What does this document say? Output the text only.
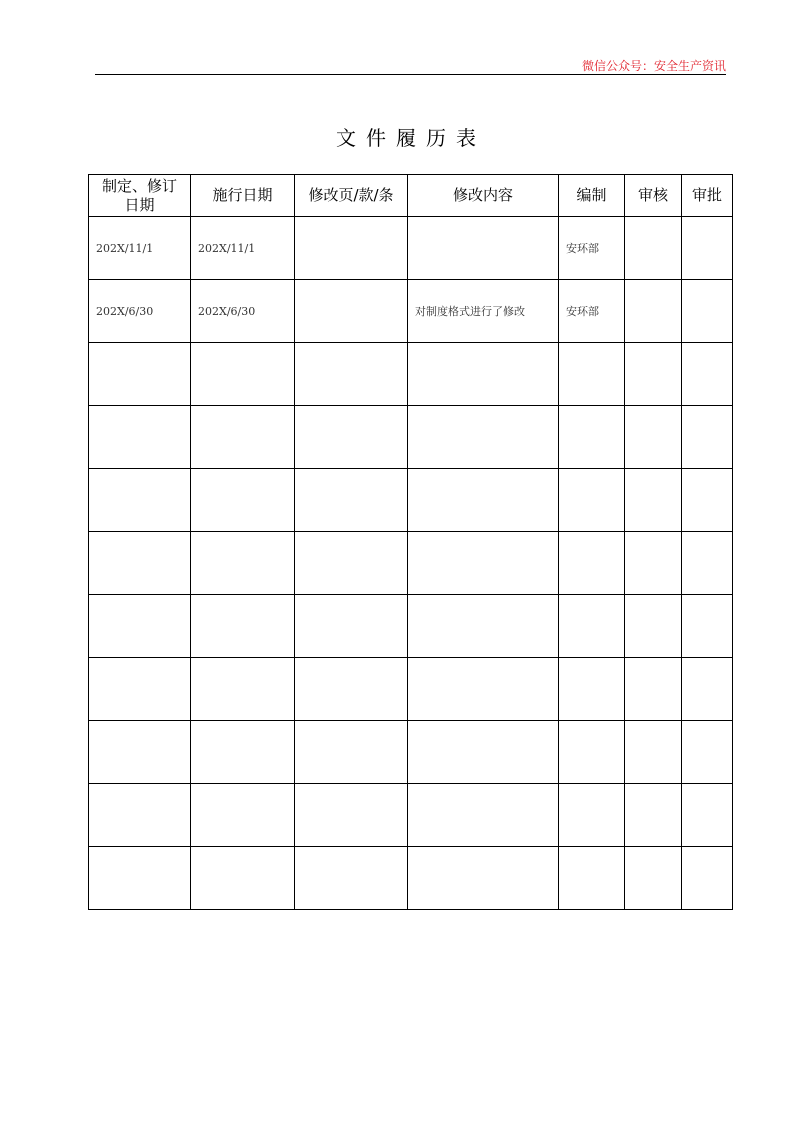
微信公众号：安全生产资讯
文件履历表
制定、修订日期	施行日期	修改页/款/条	修改内容	编制	审核	审批
202X/11/1	202X/11/1			安环部		
202X/6/30	202X/6/30		对制度格式进行了修改	安环部		
